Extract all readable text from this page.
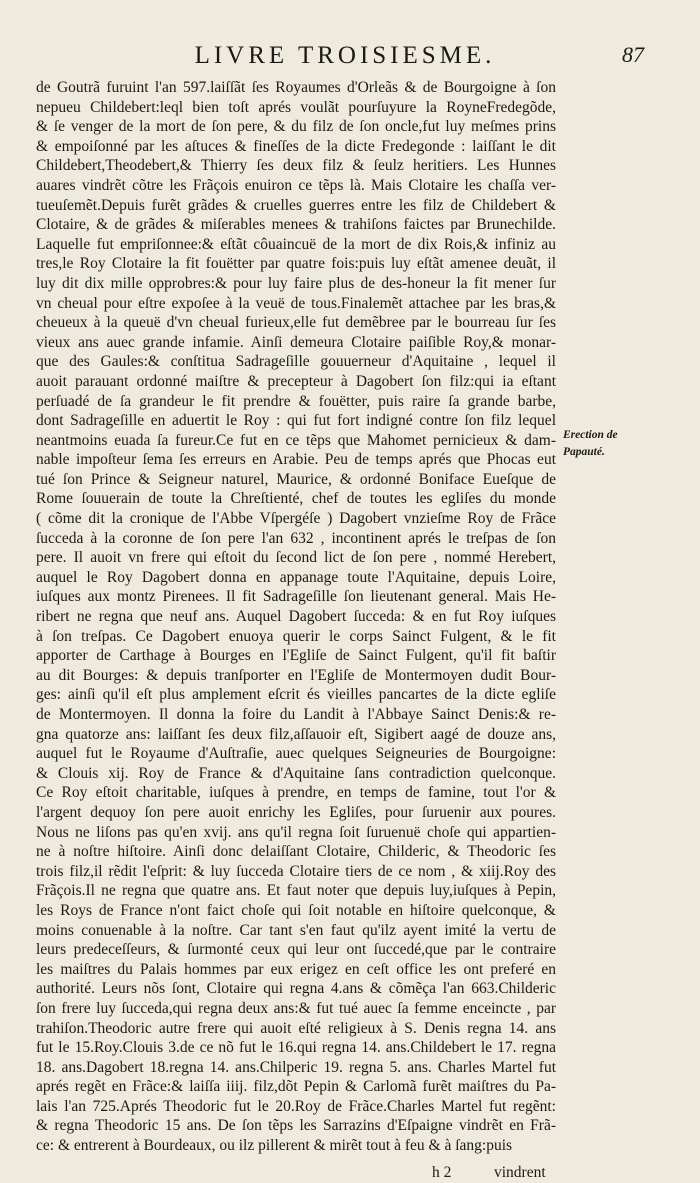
LIVRE TROISIESME.	87
de Goutrã furuint l'an 597.laiſſãt ſes Royaumes d'Orleãs & de Bourgoigne à ſon
nepueu Childebert:leql bien toſt aprés voulãt pourſuyure la RoyneFredegõde,
& ſe venger de la mort de ſon pere, & du filz de ſon oncle,fut luy meſmes prins
& empoiſonné par les aſtuces & fineſſes de la dicte Fredegonde : laiſſant le dit
Childebert,Theodebert,& Thierry ſes deux filz & ſeulz heritiers. Les Hunnes
auares vindrẽt cõtre les Frãçois enuiron ce tẽps là. Mais Clotaire les chaſſa ver-
tueuſemẽt.Depuis furẽt grãdes & cruelles guerres entre les filz de Childebert &
Clotaire, & de grãdes & miſerables menees & trahiſons faictes par Brunechilde.
Laquelle fut empriſonnee:& eſtãt côuaincuë de la mort de dix Rois,& infiniz au
tres,le Roy Clotaire la fit fouëtter par quatre fois:puis luy eſtãt amenee deuãt, il
luy dit dix mille opprobres:& pour luy faire plus de des-honeur la fit mener ſur
vn cheual pour eſtre expoſee à la veuë de tous.Finalemẽt attachee par les bras,&
cheueux à la queuë d'vn cheual furieux,elle fut demẽbree par le bourreau ſur ſes
vieux ans auec grande infamie. Ainſi demeura Clotaire paiſible Roy,& monar-
que des Gaules:& conſtitua Sadrageſille gouuerneur d'Aquitaine , lequel il
auoit parauant ordonné maiſtre & precepteur à Dagobert ſon filz:qui ia eſtant
perſuadé de ſa grandeur le fit prendre & fouëtter, puis raire ſa grande barbe,
dont Sadrageſille en aduertit le Roy : qui fut fort indigné contre ſon filz lequel
neantmoins euada ſa fureur.Ce fut en ce tẽps que Mahomet pernicieux & dam-
nable impoſteur ſema ſes erreurs en Arabie. Peu de temps aprés que Phocas eut
tué ſon Prince & Seigneur naturel, Maurice, & ordonné Boniface Eueſque de
Rome ſouuerain de toute la Chreſtienté, chef de toutes les egliſes du monde
( cõme dit la cronique de l'Abbe Vſpergéſe ) Dagobert vnzieſme Roy de Frãce
ſucceda à la coronne de ſon pere l'an 632 , incontinent aprés le treſpas de ſon
pere. Il auoit vn frere qui eſtoit du ſecond lict de ſon pere , nommé Herebert,
auquel le Roy Dagobert donna en appanage toute l'Aquitaine, depuis Loire,
iuſques aux montz Pirenees. Il fit Sadrageſille ſon lieutenant general. Mais He-
ribert ne regna que neuf ans. Auquel Dagobert ſucceda: & en fut Roy iuſques
à ſon treſpas. Ce Dagobert enuoya querir le corps Sainct Fulgent, & le fit
apporter de Carthage à Bourges en l'Egliſe de Sainct Fulgent, qu'il fit baſtir
au dit Bourges: & depuis tranſporter en l'Egliſe de Montermoyen dudit Bour-
ges: ainſi qu'il eſt plus amplement eſcrit és vieilles pancartes de la dicte egliſe
de Montermoyen. Il donna la foire du Landit à l'Abbaye Sainct Denis:& re-
gna quatorze ans: laiſſant ſes deux filz,aſſauoir eſt, Sigibert aagé de douze ans,
auquel fut le Royaume d'Auſtraſie, auec quelques Seigneuries de Bourgoigne:
& Clouis xij. Roy de France & d'Aquitaine ſans contradiction quelconque.
Ce Roy eſtoit charitable, iuſques à prendre, en temps de famine, tout l'or &
l'argent dequoy ſon pere auoit enrichy les Egliſes, pour ſuruenir aux poures.
Nous ne liſons pas qu'en xvij. ans qu'il regna ſoit ſuruenuë choſe qui appartien-
ne à noſtre hiſtoire. Ainſi donc delaiſſant Clotaire, Childeric, & Theodoric ſes
trois filz,il rẽdit l'eſprit: & luy ſucceda Clotaire tiers de ce nom , & xiij.Roy des
Frãçois.Il ne regna que quatre ans. Et faut noter que depuis luy,iuſques à Pepin,
les Roys de France n'ont faict choſe qui ſoit notable en hiſtoire quelconque, &
moins conuenable à la noſtre. Car tant s'en faut qu'ilz ayent imité la vertu de
leurs predeceſſeurs, & ſurmonté ceux qui leur ont ſuccedé,que par le contraire
les maiſtres du Palais hommes par eux erigez en ceſt office les ont preferé en
authorité. Leurs nõs ſont, Clotaire qui regna 4.ans & cõmẽça l'an 663.Childeric
ſon frere luy ſucceda,qui regna deux ans:& fut tué auec ſa femme enceincte , par
trahiſon.Theodoric autre frere qui auoit eſté religieux à S. Denis regna 14. ans
fut le 15.Roy.Clouis 3.de ce nõ fut le 16.qui regna 14. ans.Childebert le 17. regna
18. ans.Dagobert 18.regna 14. ans.Chilperic 19. regna 5. ans. Charles Martel fut
aprés regẽt en Frãce:& laiſſa iiij. filz,dõt Pepin & Carlomã furẽt maiſtres du Pa-
lais l'an 725.Aprés Theodoric fut le 20.Roy de Frãce.Charles Martel fut regẽnt:
& regna Theodoric 15 ans. De ſon tẽps les Sarrazins d'Eſpaigne vindrẽt en Frã-
ce: & entrerent à Bourdeaux, ou ilz pillerent & mirẽt tout à feu & à ſang:puis
Erection de
Papauté.
h 2	vindrent
